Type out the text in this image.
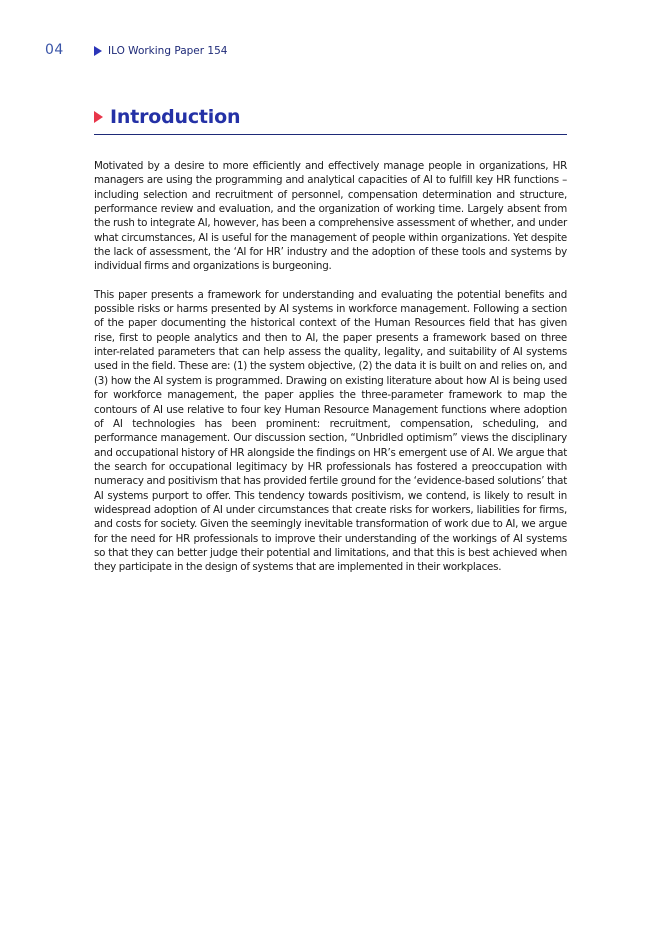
04	ILO Working Paper 154
Introduction

Motivated by a desire to more efficiently and effectively manage people in organizations, HR managers are using the programming and analytical capacities of AI to fulfill key HR functions – including selection and recruitment of personnel, compensation determination and structure, performance review and evaluation, and the organization of working time. Largely absent from the rush to integrate AI, however, has been a comprehensive assessment of whether, and under what circumstances, AI is useful for the management of people within organizations. Yet despite the lack of assessment, the ‘AI for HR’ industry and the adoption of these tools and systems by individual firms and organizations is burgeoning.

This paper presents a framework for understanding and evaluating the potential benefits and possible risks or harms presented by AI systems in workforce management. Following a section of the paper documenting the historical context of the Human Resources field that has given rise, first to people analytics and then to AI, the paper presents a framework based on three inter-related parameters that can help assess the quality, legality, and suitability of AI systems used in the field. These are: (1) the system objective, (2) the data it is built on and relies on, and (3) how the AI system is programmed. Drawing on existing literature about how AI is being used for workforce management, the paper applies the three-parameter framework to map the contours of AI use relative to four key Human Resource Management functions where adoption of AI technologies has been prominent: recruitment, compensation, scheduling, and performance management. Our discussion section, “Unbridled optimism” views the disciplinary and occupational history of HR alongside the findings on HR’s emergent use of AI. We argue that the search for occupational legitimacy by HR professionals has fostered a preoccupation with numeracy and positivism that has provided fertile ground for the ‘evidence-based solutions’ that AI systems purport to offer. This tendency towards positivism, we contend, is likely to result in widespread adoption of AI under circumstances that create risks for workers, liabilities for firms, and costs for society. Given the seemingly inevitable transformation of work due to AI, we argue for the need for HR professionals to improve their understanding of the workings of AI systems so that they can better judge their potential and limitations, and that this is best achieved when they participate in the design of systems that are implemented in their workplaces.
